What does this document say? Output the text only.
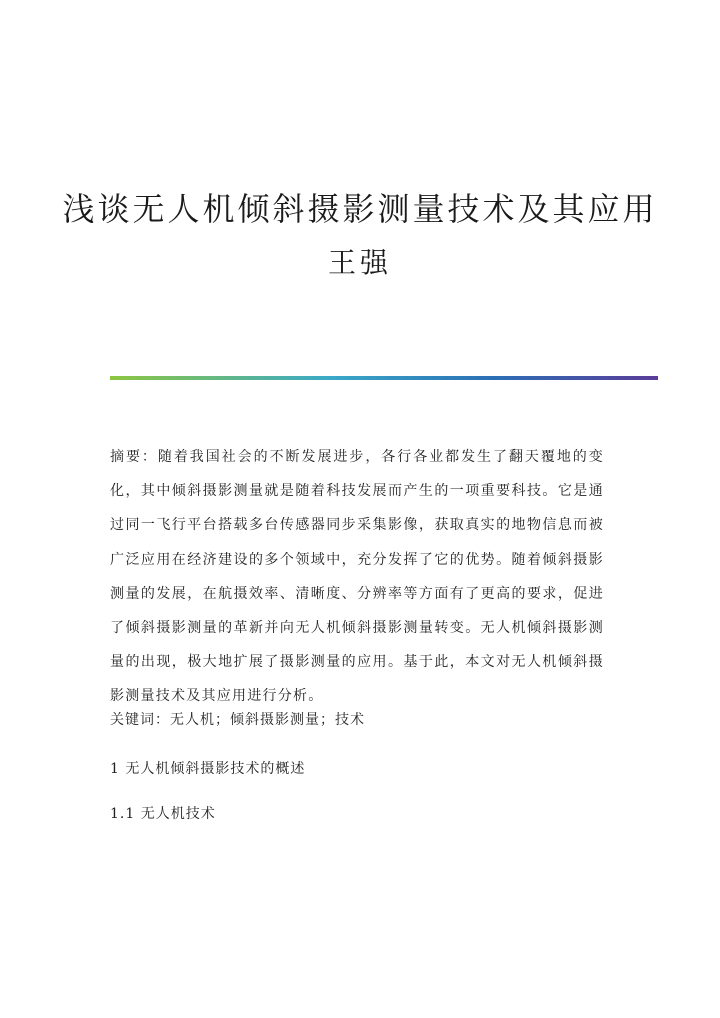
浅谈无人机倾斜摄影测量技术及其应用
王强

摘要：随着我国社会的不断发展进步，各行各业都发生了翻天覆地的变化，其中倾斜摄影测量就是随着科技发展而产生的一项重要科技。它是通过同一飞行平台搭载多台传感器同步采集影像，获取真实的地物信息而被广泛应用在经济建设的多个领域中，充分发挥了它的优势。随着倾斜摄影测量的发展，在航摄效率、清晰度、分辨率等方面有了更高的要求，促进了倾斜摄影测量的革新并向无人机倾斜摄影测量转变。无人机倾斜摄影测量的出现，极大地扩展了摄影测量的应用。基于此，本文对无人机倾斜摄影测量技术及其应用进行分析。

关键词：无人机；倾斜摄影测量；技术

1 无人机倾斜摄影技术的概述

1.1 无人机技术
